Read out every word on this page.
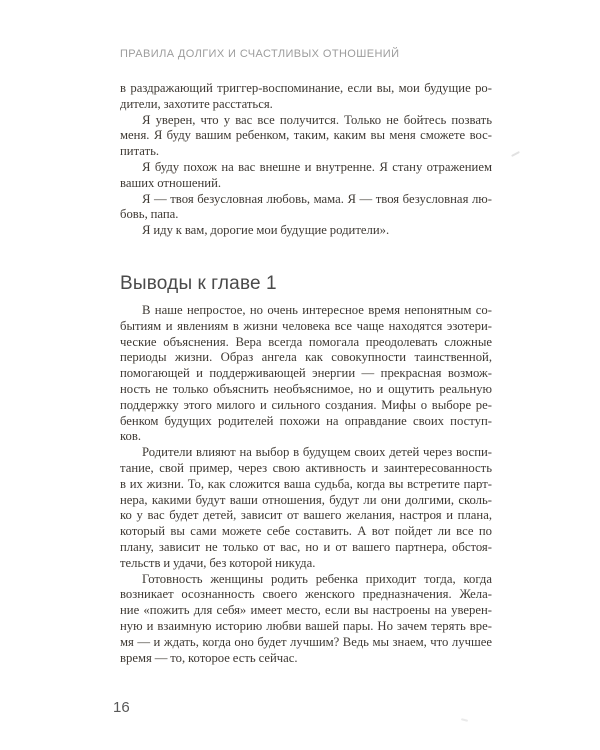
ПРАВИЛА ДОЛГИХ И СЧАСТЛИВЫХ ОТНОШЕНИЙ
в раздражающий триггер-воспоминание, если вы, мои будущие ро-
дители, захотите расстаться.
Я уверен, что у вас все получится. Только не бойтесь позвать
меня. Я буду вашим ребенком, таким, каким вы меня сможете вос-
питать.
Я буду похож на вас внешне и внутренне. Я стану отражением
ваших отношений.
Я — твоя безусловная любовь, мама. Я — твоя безусловная лю-
бовь, папа.
Я иду к вам, дорогие мои будущие родители».
Выводы к главе 1
В наше непростое, но очень интересное время непонятным со-
бытиям и явлениям в жизни человека все чаще находятся эзотери-
ческие объяснения. Вера всегда помогала преодолевать сложные
периоды жизни. Образ ангела как совокупности таинственной,
помогающей и поддерживающей энергии — прекрасная возмож-
ность не только объяснить необъяснимое, но и ощутить реальную
поддержку этого милого и сильного создания. Мифы о выборе ре-
бенком будущих родителей похожи на оправдание своих поступ-
ков.
Родители влияют на выбор в будущем своих детей через воспи-
тание, свой пример, через свою активность и заинтересованность
в их жизни. То, как сложится ваша судьба, когда вы встретите парт-
нера, какими будут ваши отношения, будут ли они долгими, сколь-
ко у вас будет детей, зависит от вашего желания, настроя и плана,
который вы сами можете себе составить. А вот пойдет ли все по
плану, зависит не только от вас, но и от вашего партнера, обстоя-
тельств и удачи, без которой никуда.
Готовность женщины родить ребенка приходит тогда, когда
возникает осознанность своего женского предназначения. Жела-
ние «пожить для себя» имеет место, если вы настроены на уверен-
ную и взаимную историю любви вашей пары. Но зачем терять вре-
мя — и ждать, когда оно будет лучшим? Ведь мы знаем, что лучшее
время — то, которое есть сейчас.
16
